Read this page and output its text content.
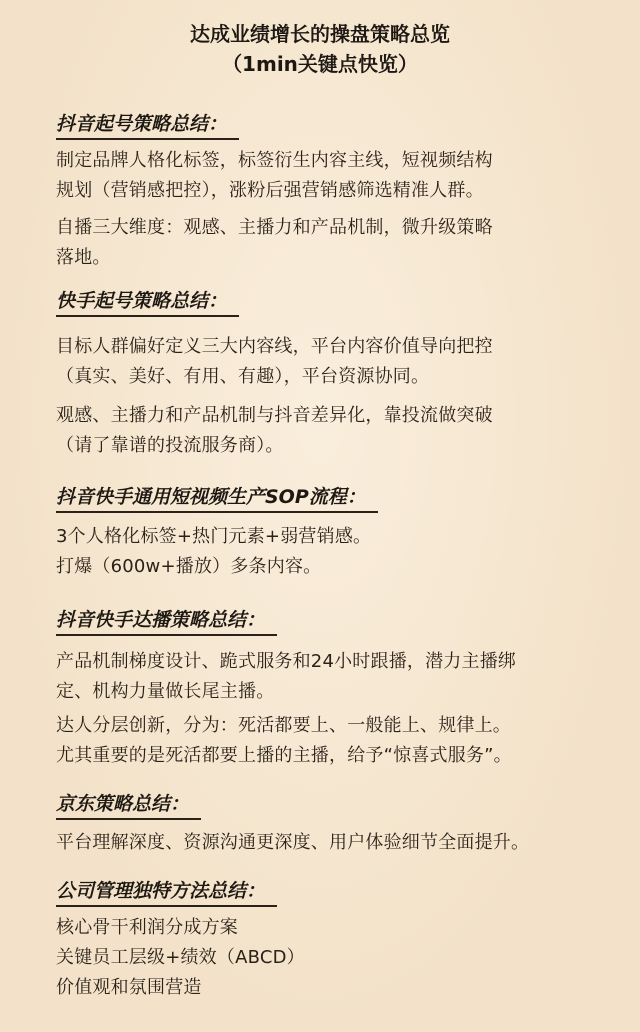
达成业绩增长的操盘策略总览
（1min关键点快览）
抖音起号策略总结：
制定品牌人格化标签，标签衍生内容主线，短视频结构
规划（营销感把控），涨粉后强营销感筛选精准人群。
自播三大维度：观感、主播力和产品机制，微升级策略
落地。
快手起号策略总结：
目标人群偏好定义三大内容线，平台内容价值导向把控
（真实、美好、有用、有趣），平台资源协同。
观感、主播力和产品机制与抖音差异化，靠投流做突破
（请了靠谱的投流服务商）。
抖音快手通用短视频生产SOP流程：
3个人格化标签+热门元素+弱营销感。
打爆（600w+播放）多条内容。
抖音快手达播策略总结：
产品机制梯度设计、跪式服务和24小时跟播，潜力主播绑
定、机构力量做长尾主播。
达人分层创新，分为：死活都要上、一般能上、规律上。
尤其重要的是死活都要上播的主播，给予“惊喜式服务”。
京东策略总结：
平台理解深度、资源沟通更深度、用户体验细节全面提升。
公司管理独特方法总结：
核心骨干利润分成方案
关键员工层级+绩效（ABCD）
价值观和氛围营造
